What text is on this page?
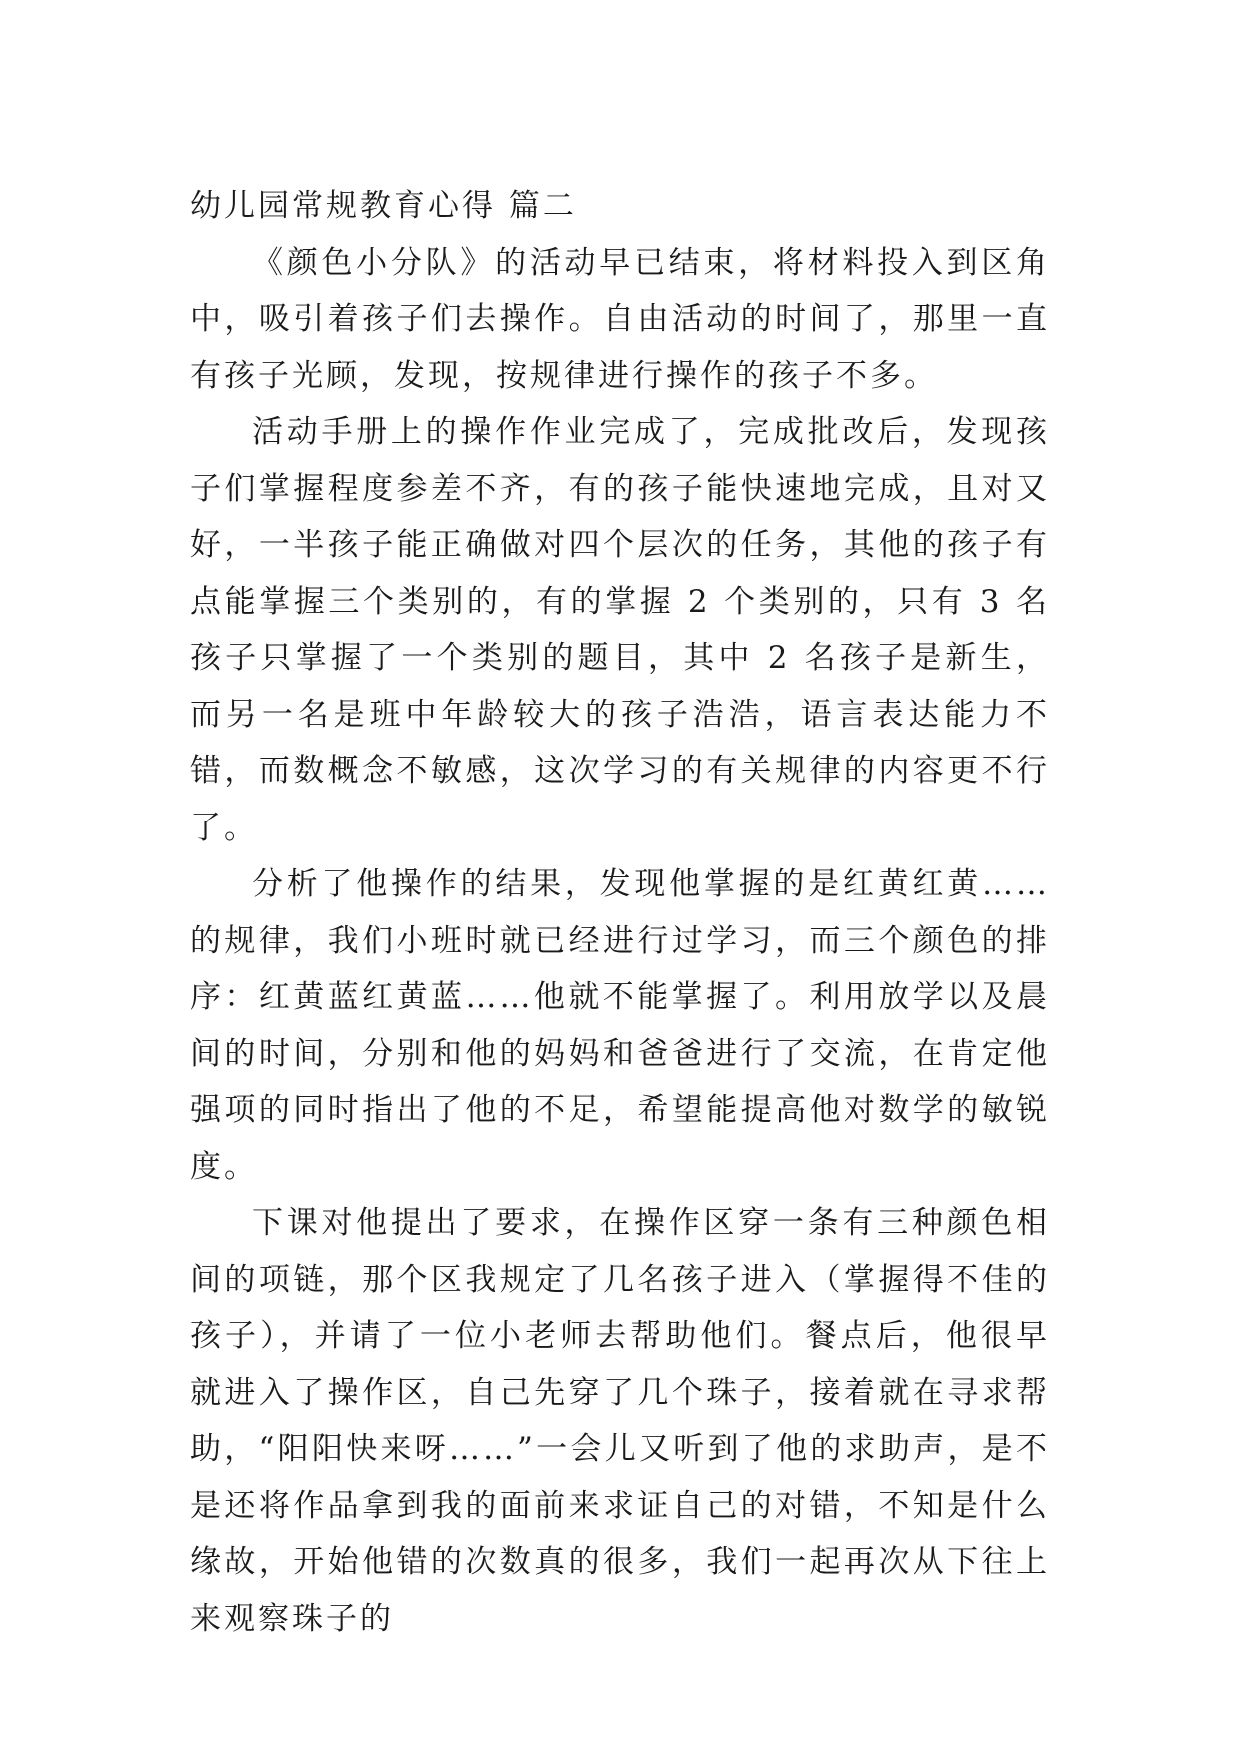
幼儿园常规教育心得 篇二

《颜色小分队》的活动早已结束，将材料投入到区角中，吸引着孩子们去操作。自由活动的时间了，那里一直有孩子光顾，发现，按规律进行操作的孩子不多。

活动手册上的操作作业完成了，完成批改后，发现孩子们掌握程度参差不齐，有的孩子能快速地完成，且对又好，一半孩子能正确做对四个层次的任务，其他的孩子有点能掌握三个类别的，有的掌握 2 个类别的，只有 3 名孩子只掌握了一个类别的题目，其中 2 名孩子是新生，而另一名是班中年龄较大的孩子浩浩，语言表达能力不错，而数概念不敏感，这次学习的有关规律的内容更不行了。

分析了他操作的结果，发现他掌握的是红黄红黄……的规律，我们小班时就已经进行过学习，而三个颜色的排序：红黄蓝红黄蓝……他就不能掌握了。利用放学以及晨间的时间，分别和他的妈妈和爸爸进行了交流，在肯定他强项的同时指出了他的不足，希望能提高他对数学的敏锐度。

下课对他提出了要求，在操作区穿一条有三种颜色相间的项链，那个区我规定了几名孩子进入（掌握得不佳的孩子），并请了一位小老师去帮助他们。餐点后，他很早就进入了操作区，自己先穿了几个珠子，接着就在寻求帮助，“阳阳快来呀……”一会儿又听到了他的求助声，是不是还将作品拿到我的面前来求证自己的对错，不知是什么缘故，开始他错的次数真的很多，我们一起再次从下往上来观察珠子的
